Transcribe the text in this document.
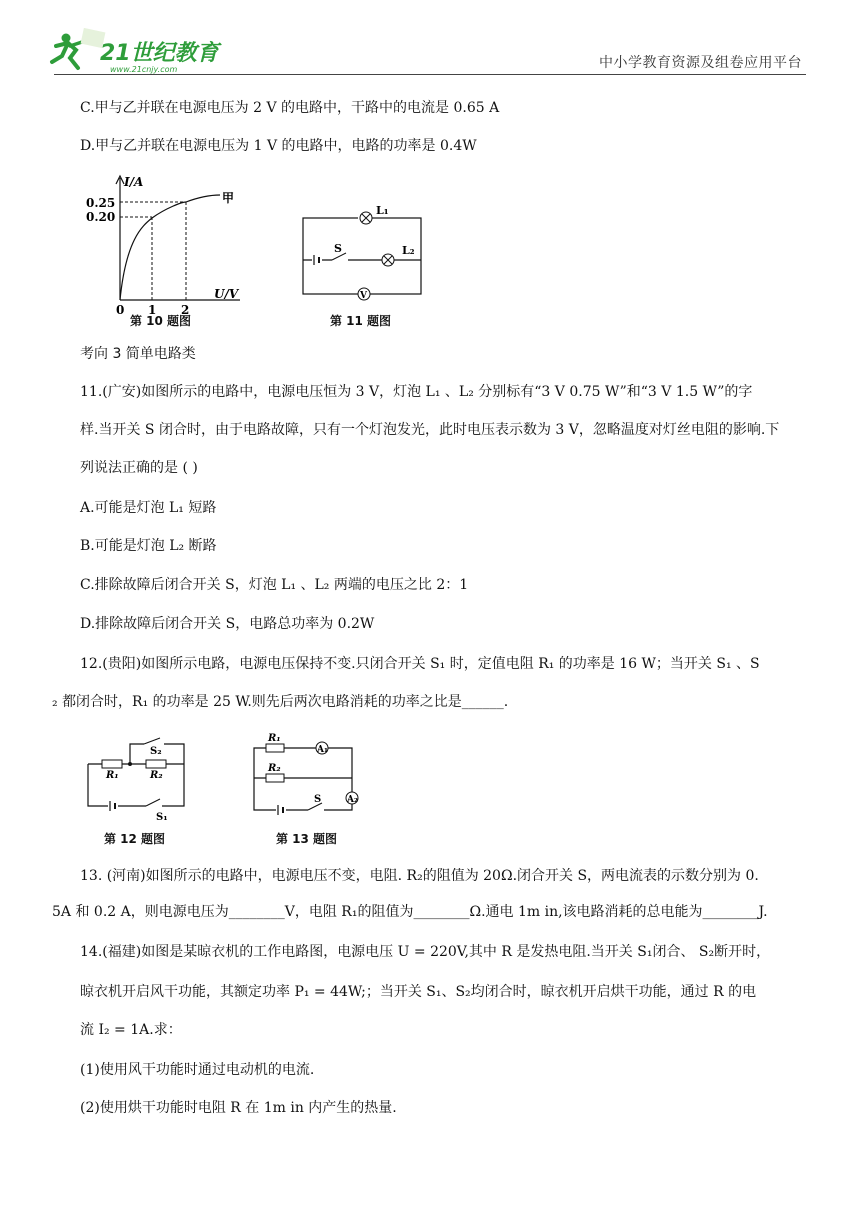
21世纪教育
www.21cnjy.com	中小学教育资源及组卷应用平台
C.甲与乙并联在电源电压为 2 V 的电路中，干路中的电流是 0.65 A
D.甲与乙并联在电源电压为 1 V 的电路中，电路的功率是 0.4W
I/A
U/V
0.25
0.20
0 1 2
甲
第 10 题图
L₁
S	L₂
V
第 11 题图
考向 3 简单电路类
11.(广安)如图所示的电路中，电源电压恒为 3 V，灯泡 L₁ 、L₂ 分别标有“3 V 0.75 W”和“3 V 1.5 W”的字
样.当开关 S 闭合时，由于电路故障，只有一个灯泡发光，此时电压表示数为 3 V，忽略温度对灯丝电阻的影响.下
列说法正确的是 ( )
A.可能是灯泡 L₁ 短路
B.可能是灯泡 L₂ 断路
C.排除故障后闭合开关 S，灯泡 L₁ 、L₂ 两端的电压之比 2：1
D.排除故障后闭合开关 S，电路总功率为 0.2W
12.(贵阳)如图所示电路，电源电压保持不变.只闭合开关 S₁ 时，定值电阻 R₁ 的功率是 16 W；当开关 S₁ 、S
₂ 都闭合时，R₁ 的功率是 25 W.则先后两次电路消耗的功率之比是______.
S₂
R₁	R₂
S₁
第 12 题图
A₁
R₁
R₂
S	A₂
第 13 题图
13. (河南)如图所示的电路中，电源电压不变，电阻. R₂的阻值为 20Ω.闭合开关 S，两电流表的示数分别为 0.
5A 和 0.2 A，则电源电压为________V，电阻 R₁的阻值为________Ω.通电 1m in,该电路消耗的总电能为________J.
14.(福建)如图是某晾衣机的工作电路图，电源电压 U = 220V,其中 R 是发热电阻.当开关 S₁闭合、 S₂断开时，
晾衣机开启风干功能，其额定功率 P₁ = 44W;；当开关 S₁、S₂均闭合时，晾衣机开启烘干功能，通过 R 的电
流 I₂ = 1A.求：
(1)使用风干功能时通过电动机的电流.
(2)使用烘干功能时电阻 R 在 1m in 内产生的热量.
